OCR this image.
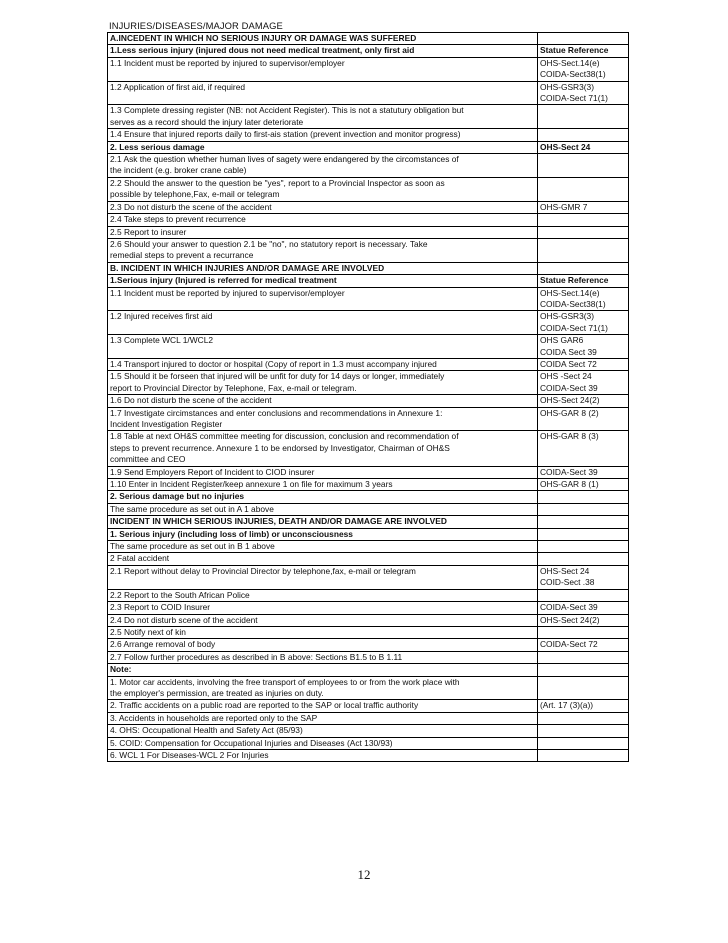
INJURIES/DISEASES/MAJOR DAMAGE
A.INCEDENT IN WHICH NO SERIOUS INJURY OR DAMAGE WAS SUFFERED	
1.Less serious injury (injured dous not need medical treatment, only first aid	Statue Reference
1.1 Incident must be reported by injured to supervisor/employer	OHS-Sect.14(e)
	COIDA-Sect38(1)
1.2 Application of first aid, if required	OHS-GSR3(3)
	COIDA-Sect 71(1)
1.3 Complete dressing register (NB: not Accident Register). This is not a statutury obligation but	
serves as a record should the injury later deteriorate	
1.4 Ensure that injured reports daily to first-ais station (prevent invection and monitor progress)	
2. Less serious damage	OHS-Sect 24
2.1 Ask the question whether human lives of sagety were endangered by the circomstances of	
the incident (e.g. broker crane cable)	
2.2 Should the answer to the question be "yes", report to a Provincial Inspector as soon as	
possible by telephone,Fax, e-mail or telegram	
2.3 Do not disturb the scene of the accident	OHS-GMR 7
2.4 Take steps to prevent recurrence	
2.5 Report to insurer	
2.6 Should your answer to question 2.1 be "no", no statutory report is necessary. Take	
remedial steps to prevent a recurrance	
B. INCIDENT IN WHICH INJURIES AND/OR DAMAGE ARE INVOLVED	
1.Serious injury (Injured is referred for medical treatment	Statue Reference
1.1 Incident must be reported by injured to supervisor/employer	OHS-Sect.14(e)
	COIDA-Sect38(1)
1.2 Injured receives first aid	OHS-GSR3(3)
	COIDA-Sect 71(1)
1.3 Complete WCL 1/WCL2	OHS GAR6
	COIDA Sect 39
1.4 Transport injured to doctor or hospital (Copy of report in 1.3 must accompany injured	COIDA Sect 72
1.5 Should it be forseen that injured will be unfit for duty for 14 days or longer, immediately	OHS -Sect 24
report to Provincial Director by Telephone, Fax, e-mail or telegram.	COIDA-Sect 39
1.6 Do not disturb the scene of the accident	OHS-Sect 24(2)
1.7 Investigate circimstances and enter conclusions and recommendations in Annexure 1:	OHS-GAR 8 (2)
Incident Investigation Register	
1.8 Table at next OH&S committee meeting for discussion, conclusion and recommendation of	OHS-GAR 8 (3)
steps to prevent recurrence. Annexure 1 to be endorsed by Investigator, Chairman of OH&S	
committee and CEO	
1.9 Send Employers Report of Incident to CIOD insurer	COIDA-Sect 39
1.10 Enter in Incident Register/keep annexure 1 on file for maximum 3 years	OHS-GAR 8 (1)
2. Serious damage but no injuries	
The same procedure as set out in A 1 above	
INCIDENT IN WHICH SERIOUS INJURIES, DEATH AND/OR DAMAGE ARE INVOLVED	
1. Serious injury (including loss of limb) or unconsciousness	
The same procedure as set out in B 1 above	
2 Fatal accident	
2.1 Report without delay to Provincial Director by telephone,fax, e-mail or telegram	OHS-Sect 24
	COID-Sect .38
2.2 Report to the South African Police	
2.3 Report to COID Insurer	COIDA-Sect 39
2.4 Do not disturb scene of the accident	OHS-Sect 24(2)
2.5 Notify next of kin	
2.6 Arrange removal of body	COIDA-Sect 72
2.7 Follow further procedures as described in B above: Sections B1.5 to B 1.11	
Note:	
1. Motor car accidents, involving the free transport of employees to or from the work place with	
the employer's permission, are treated as injuries on duty.	
2. Traffic accidents on a public road are reported to the SAP or local traffic authority	(Art. 17 (3)(a))
3. Accidents in households are reported only to the SAP	
4. OHS: Occupational Health and Safety Act (85/93)	
5. COID: Compensation for Occupational Injuries and Diseases (Act 130/93)	
6. WCL 1 For Diseases-WCL 2 For Injuries	
12
